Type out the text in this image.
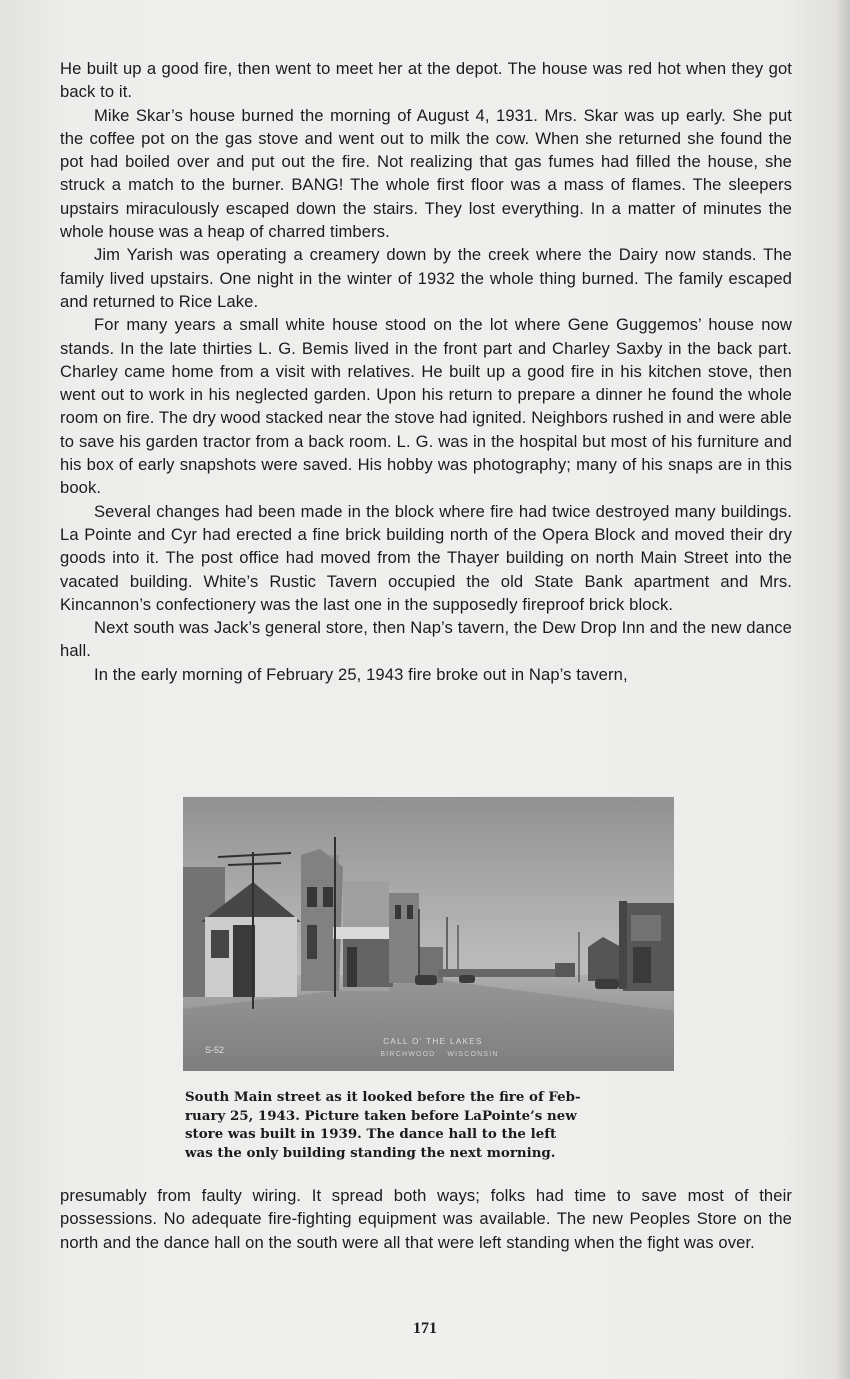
He built up a good fire, then went to meet her at the depot. The house was red hot when they got back to it.

Mike Skar’s house burned the morning of August 4, 1931. Mrs. Skar was up early. She put the coffee pot on the gas stove and went out to milk the cow. When she returned she found the pot had boiled over and put out the fire. Not realizing that gas fumes had filled the house, she struck a match to the burner. BANG! The whole first floor was a mass of flames. The sleepers upstairs miraculously escaped down the stairs. They lost everything. In a matter of minutes the whole house was a heap of charred timbers.

Jim Yarish was operating a creamery down by the creek where the Dairy now stands. The family lived upstairs. One night in the winter of 1932 the whole thing burned. The family escaped and returned to Rice Lake.

For many years a small white house stood on the lot where Gene Guggemos’ house now stands. In the late thirties L. G. Bemis lived in the front part and Charley Saxby in the back part. Charley came home from a visit with relatives. He built up a good fire in his kitchen stove, then went out to work in his neglected garden. Upon his return to prepare a dinner he found the whole room on fire. The dry wood stacked near the stove had ignited. Neighbors rushed in and were able to save his garden tractor from a back room. L. G. was in the hospital but most of his furniture and his box of early snapshots were saved. His hobby was photography; many of his snaps are in this book.

Several changes had been made in the block where fire had twice destroyed many buildings. La Pointe and Cyr had erected a fine brick building north of the Opera Block and moved their dry goods into it. The post office had moved from the Thayer building on north Main Street into the vacated building. White’s Rustic Tavern occupied the old State Bank apartment and Mrs. Kincannon’s confectionery was the last one in the supposedly fireproof brick block.

Next south was Jack’s general store, then Nap’s tavern, the Dew Drop Inn and the new dance hall.

In the early morning of February 25, 1943 fire broke out in Nap’s tavern,

CALL O' THE LAKES
BIRCHWOOD WISCONSIN
S-52
South Main street as it looked before the fire of Feb-
ruary 25, 1943. Picture taken before LaPointe’s new
store was built in 1939. The dance hall to the left
was the only building standing the next morning.

presumably from faulty wiring. It spread both ways; folks had time to save most of their possessions. No adequate fire-fighting equipment was available. The new Peoples Store on the north and the dance hall on the south were all that were left standing when the fight was over.

171
